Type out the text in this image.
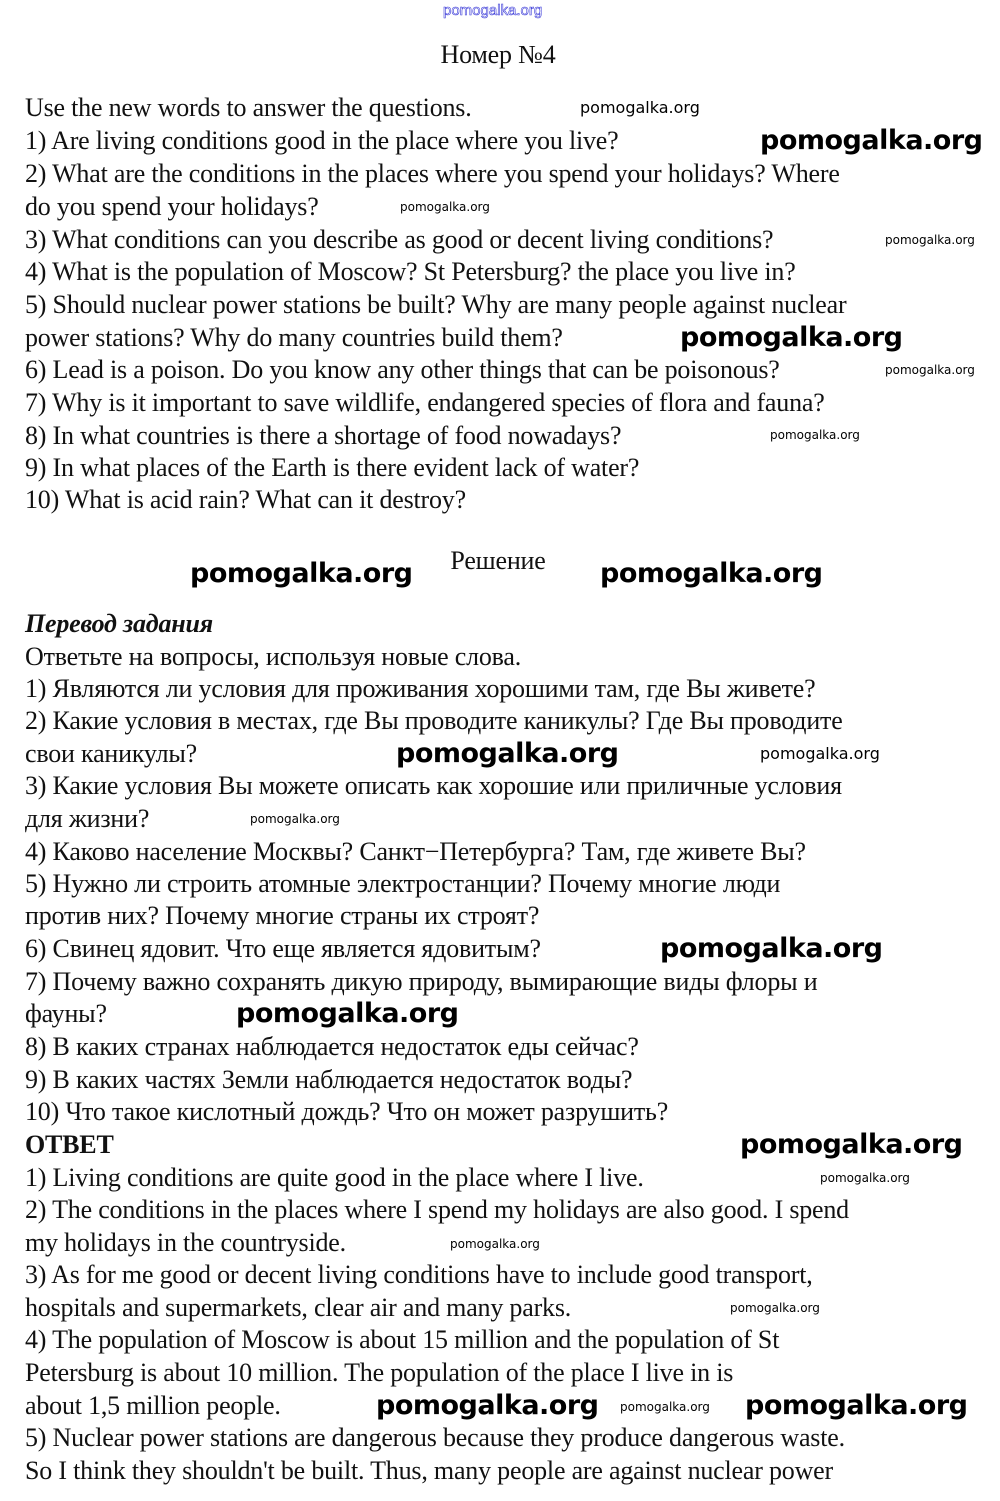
Номер №4
Решение
Перевод задания
ОТВЕТ
Use the new words to answer the questions.
1) Are living conditions good in the place where you live?
2) What are the conditions in the places where you spend your holidays? Where
do you spend your holidays?
3) What conditions can you describe as good or decent living conditions?
4) What is the population of Moscow? St Petersburg? the place you live in?
5) Should nuclear power stations be built? Why are many people against nuclear
power stations? Why do many countries build them?
6) Lead is a poison. Do you know any other things that can be poisonous?
7) Why is it important to save wildlife, endangered species of flora and fauna?
8) In what countries is there a shortage of food nowadays?
9) In what places of the Earth is there evident lack of water?
10) What is acid rain? What can it destroy?
Ответьте на вопросы, используя новые слова.
1) Являются ли условия для проживания хорошими там, где Вы живете?
2) Какие условия в местах, где Вы проводите каникулы? Где Вы проводите
свои каникулы?
3) Какие условия Вы можете описать как хорошие или приличные условия
для жизни?
4) Каково население Москвы? Санкт−Петербурга? Там, где живете Вы?
5) Нужно ли строить атомные электростанции? Почему многие люди
против них? Почему многие страны их строят?
6) Свинец ядовит. Что еще является ядовитым?
7) Почему важно сохранять дикую природу, вымирающие виды флоры и
фауны?
8) В каких странах наблюдается недостаток еды сейчас?
9) В каких частях Земли наблюдается недостаток воды?
10) Что такое кислотный дождь? Что он может разрушить?
1) Living conditions are quite good in the place where I live.
2) The conditions in the places where I spend my holidays are also good. I spend
my holidays in the countryside.
3) As for me good or decent living conditions have to include good transport,
hospitals and supermarkets, clear air and many parks.
4) The population of Moscow is about 15 million and the population of St
Petersburg is about 10 million. The population of the place I live in is
about 1,5 million people.
5) Nuclear power stations are dangerous because they produce dangerous waste.
So I think they shouldn't be built. Thus, many people are against nuclear power
pomogalka.org
pomogalka.org
pomogalka.org
pomogalka.org
pomogalka.org
pomogalka.org
pomogalka.org
pomogalka.org
pomogalka.org	pomogalka.org
pomogalka.org	pomogalka.org
pomogalka.org
pomogalka.org
pomogalka.org
pomogalka.org
pomogalka.org
pomogalka.org
pomogalka.org
pomogalka.org	pomogalka.org
pomogalka.org
